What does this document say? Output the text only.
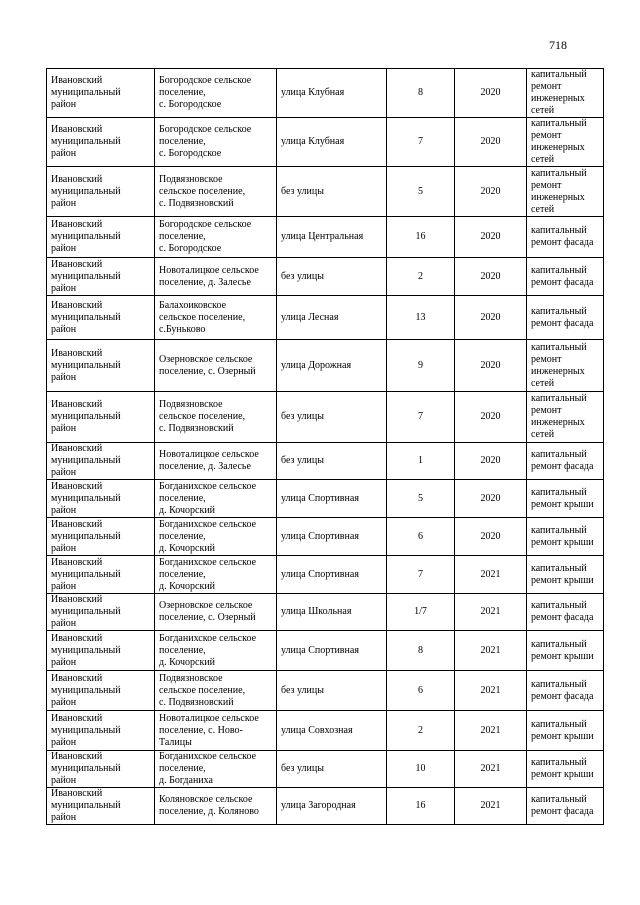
718
Ивановский
муниципальный
район	Богородское сельское
поселение,
с. Богородское	улица Клубная	8	2020	капитальный
ремонт
инженерных
сетей
Ивановский
муниципальный
район	Богородское сельское
поселение,
с. Богородское	улица Клубная	7	2020	капитальный
ремонт
инженерных
сетей
Ивановский
муниципальный
район	Подвязновское
сельское поселение,
с. Подвязновский	без улицы	5	2020	капитальный
ремонт
инженерных
сетей
Ивановский
муниципальный
район	Богородское сельское
поселение,
с. Богородское	улица Центральная	16	2020	капитальный
ремонт фасада
Ивановский
муниципальный
район	Новоталицкое сельское
поселение, д. Залесье	без улицы	2	2020	капитальный
ремонт фасада
Ивановский
муниципальный
район	Балахоиковское
сельское поселение,
с.Буньково	улица Лесная	13	2020	капитальный
ремонт фасада
Ивановский
муниципальный
район	Озерновское сельское
поселение, с. Озерный	улица Дорожная	9	2020	капитальный
ремонт
инженерных
сетей
Ивановский
муниципальный
район	Подвязновское
сельское поселение,
с. Подвязновский	без улицы	7	2020	капитальный
ремонт
инженерных
сетей
Ивановский
муниципальный
район	Новоталицкое сельское
поселение, д. Залесье	без улицы	1	2020	капитальный
ремонт фасада
Ивановский
муниципальный
район	Богданихское сельское
поселение,
д. Кочорский	улица Спортивная	5	2020	капитальный
ремонт крыши
Ивановский
муниципальный
район	Богданихское сельское
поселение,
д. Кочорский	улица Спортивная	6	2020	капитальный
ремонт крыши
Ивановский
муниципальный
район	Богданихское сельское
поселение,
д. Кочорский	улица Спортивная	7	2021	капитальный
ремонт крыши
Ивановский
муниципальный
район	Озерновское сельское
поселение, с. Озерный	улица Школьная	1/7	2021	капитальный
ремонт фасада
Ивановский
муниципальный
район	Богданихское сельское
поселение,
д. Кочорский	улица Спортивная	8	2021	капитальный
ремонт крыши
Ивановский
муниципальный
район	Подвязновское
сельское поселение,
с. Подвязновский	без улицы	6	2021	капитальный
ремонт фасада
Ивановский
муниципальный
район	Новоталицкое сельское
поселение, с. Ново-
Талицы	улица Совхозная	2	2021	капитальный
ремонт крыши
Ивановский
муниципальный
район	Богданихское сельское
поселение,
д. Богданиха	без улицы	10	2021	капитальный
ремонт крыши
Ивановский
муниципальный
район	Коляновское сельское
поселение, д. Коляново	улица Загородная	16	2021	капитальный
ремонт фасада
